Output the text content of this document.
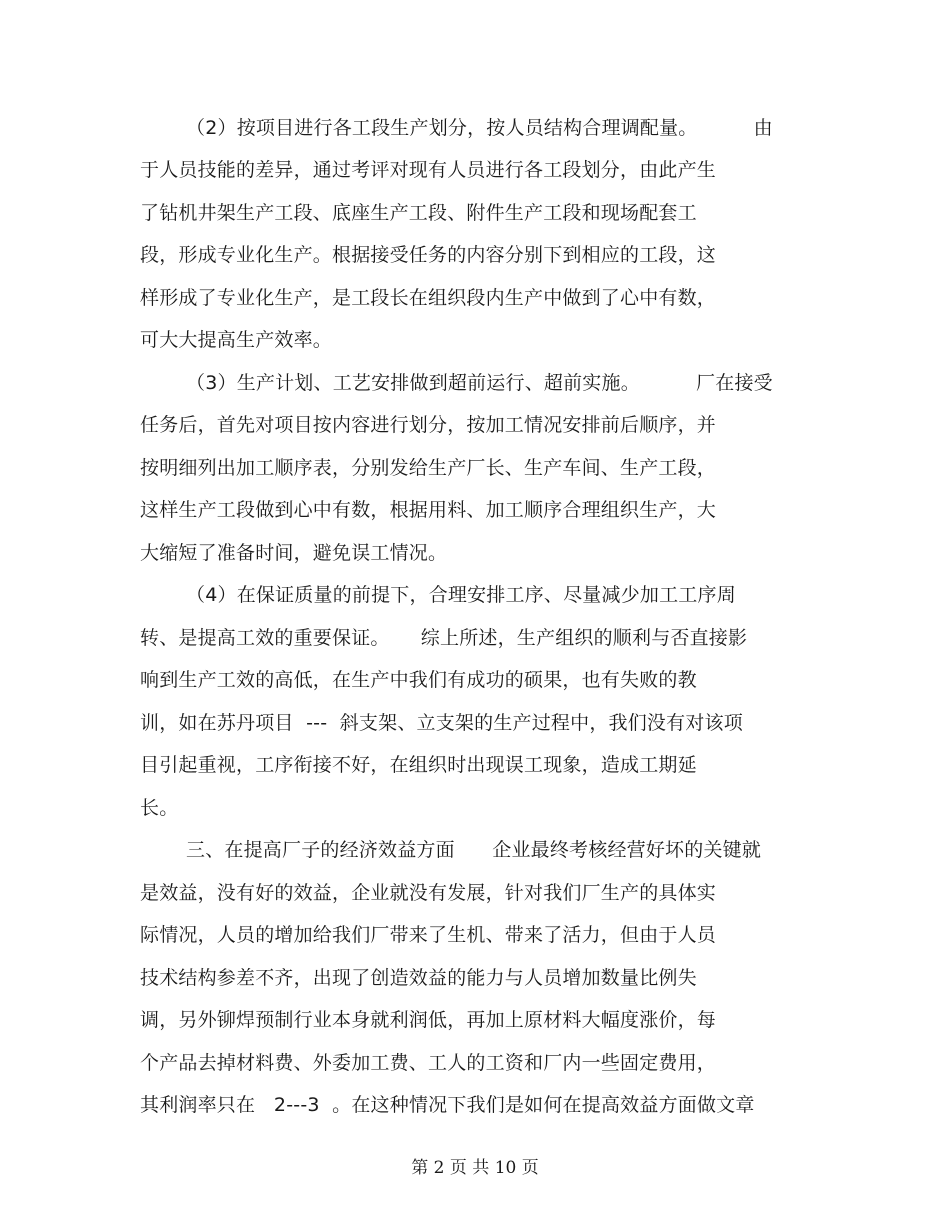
（2）按项目进行各工段生产划分，按人员结构合理调配量。         由
于人员技能的差异，通过考评对现有人员进行各工段划分，由此产生
了钻机井架生产工段、底座生产工段、附件生产工段和现场配套工
段，形成专业化生产。根据接受任务的内容分别下到相应的工段，这
样形成了专业化生产，是工段长在组织段内生产中做到了心中有数，
可大大提高生产效率。
（3）生产计划、工艺安排做到超前运行、超前实施。         厂在接受
任务后，首先对项目按内容进行划分，按加工情况安排前后顺序，并
按明细列出加工顺序表，分别发给生产厂长、生产车间、生产工段，
这样生产工段做到心中有数，根据用料、加工顺序合理组织生产，大
大缩短了准备时间，避免误工情况。
（4）在保证质量的前提下，合理安排工序、尽量减少加工工序周
转、是提高工效的重要保证。     综上所述，生产组织的顺利与否直接影
响到生产工效的高低，在生产中我们有成功的硕果，也有失败的教
训，如在苏丹项目  ---  斜支架、立支架的生产过程中，我们没有对该项
目引起重视，工序衔接不好，在组织时出现误工现象，造成工期延
长。
三、在提高厂子的经济效益方面      企业最终考核经营好坏的关键就
是效益，没有好的效益，企业就没有发展，针对我们厂生产的具体实
际情况，人员的增加给我们厂带来了生机、带来了活力，但由于人员
技术结构参差不齐，出现了创造效益的能力与人员增加数量比例失
调，另外铆焊预制行业本身就利润低，再加上原材料大幅度涨价，每
个产品去掉材料费、外委加工费、工人的工资和厂内一些固定费用，
其利润率只在   2---3  。在这种情况下我们是如何在提高效益方面做文章
第 2 页 共 10 页
